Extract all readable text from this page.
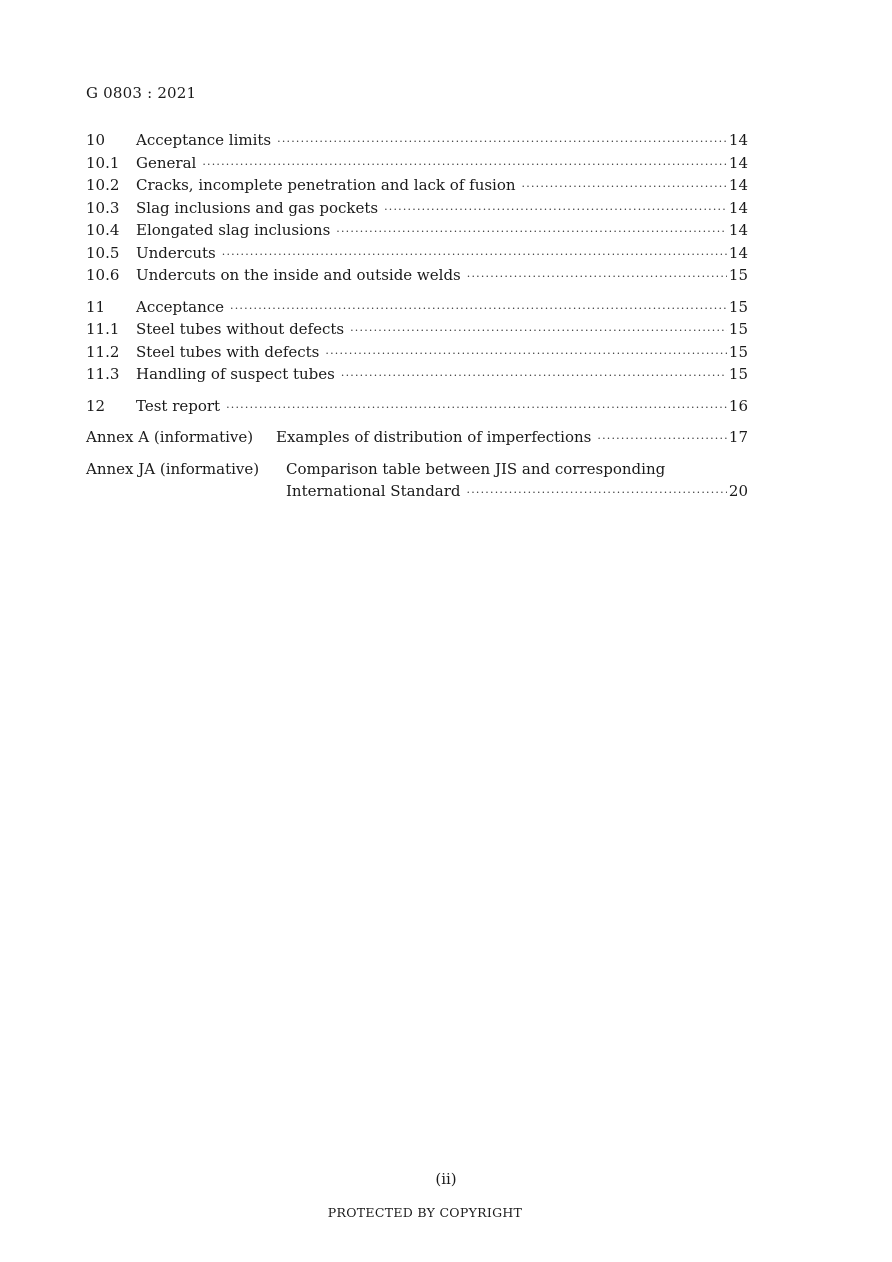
G 0803 : 2021
10	Acceptance limits ·····	14
10.1	General ·····	14
10.2	Cracks, incomplete penetration and lack of fusion ·····	14
10.3	Slag inclusions and gas pockets ·····	14
10.4	Elongated slag inclusions ·····	14
10.5	Undercuts ·····	14
10.6	Undercuts on the inside and outside welds ·····	15
11	Acceptance ·····	15
11.1	Steel tubes without defects ·····	15
11.2	Steel tubes with defects ·····	15
11.3	Handling of suspect tubes ·····	15
12	Test report ·····	16
Annex A (informative)	Examples of distribution of imperfections ·····	17
Annex JA (informative)	Comparison table between JIS and corresponding
International Standard ·····	20
(ii)
PROTECTED BY COPYRIGHT
